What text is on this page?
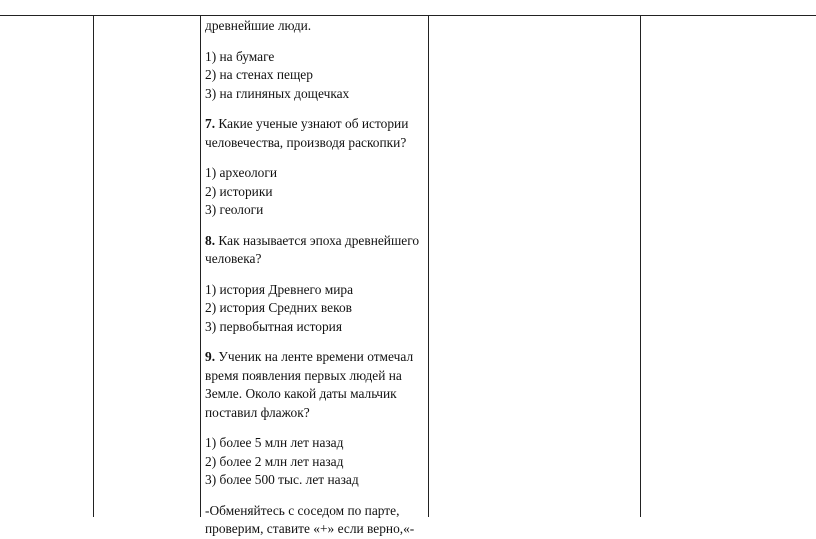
древнейшие люди.

1) на бумаге

2) на стенах пещер

3) на глиняных дощечках

7. Какие ученые узнают об истории

человечества, производя раскопки?

1) археологи

2) историки

3) геологи

8. Как называется эпоха древнейшего

человека?

1) история Древнего мира

2) история Средних веков

3) первобытная история

9. Ученик на ленте времени отмечал

время появления первых людей на

Земле. Около какой даты мальчик

поставил флажок?

1) более 5 млн лет назад

2) более 2 млн лет назад

3) более 500 тыс. лет назад

-Обменяйтесь с соседом по парте,

проверим, ставите «+» если верно,«-
